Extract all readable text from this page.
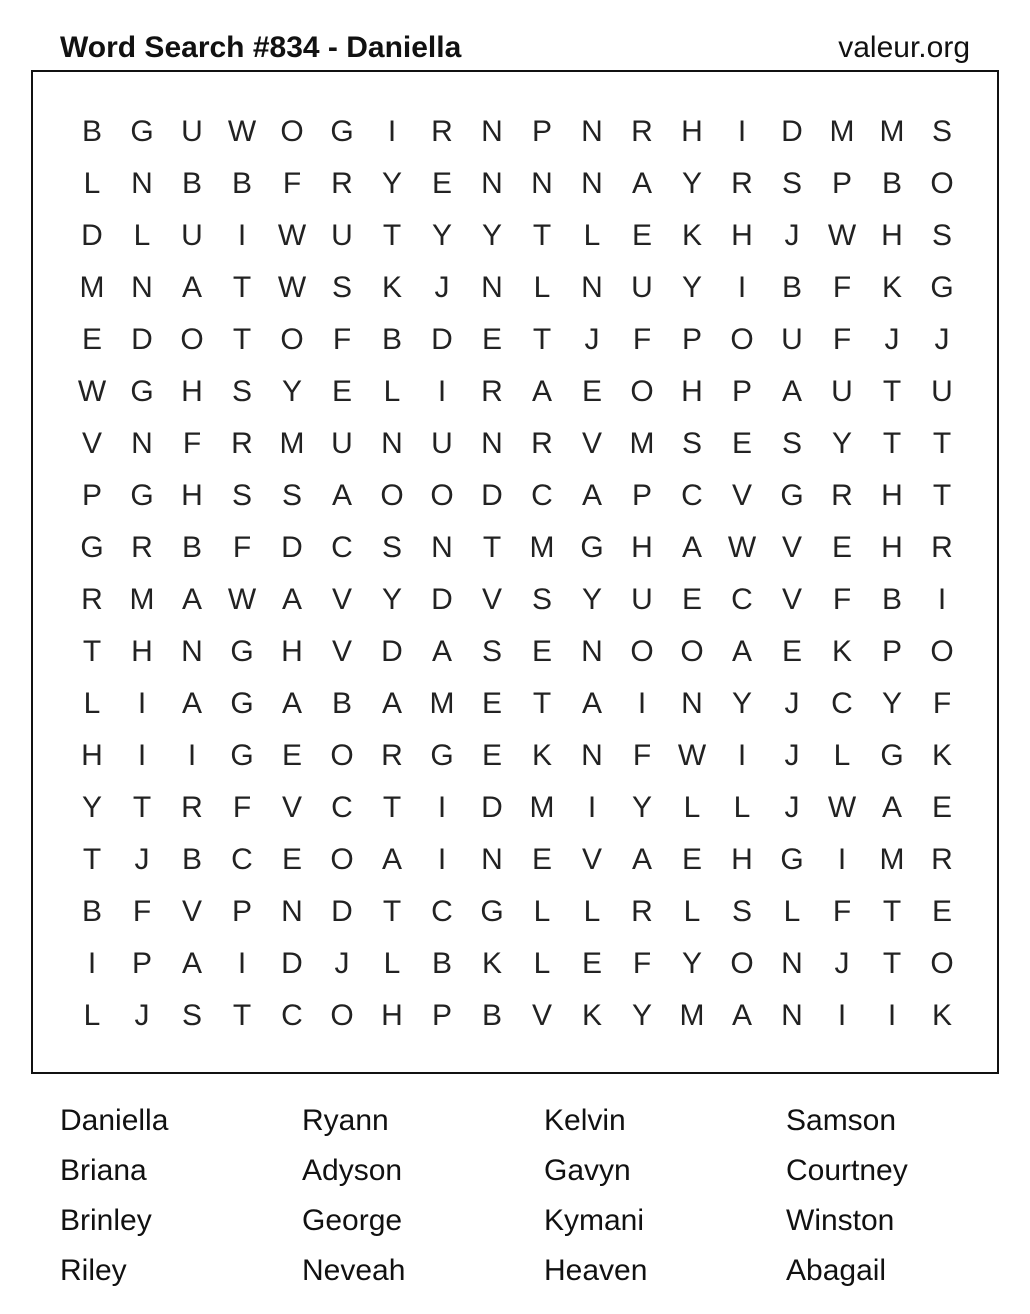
Word Search #834 - Daniella	valeur.org
B G U W O G	I	R N P N R H	I	D M M S
L	N B B	F	R Y E N N N A Y R S P B O
D	L	U	I	W U	T	Y Y	T	L	E K H	J W H S
M N A	T W S K	J	N	L	N U Y	I	B	F	K G
E D O T O F	B D E	T	J	F	P O U	F	J	J
W G H S Y E	L	I	R A E O H P A U	T	U
V N	F	R M U N U N R V M S E S Y	T	T
P G H S S A O O D C A P C V G R H	T
G R B	F	D C S N	T M G H A W V E H R
R M A W A V Y D V S Y U E C V	F	B	I
T	H N G H V D A S E N O O A E K P O
L	I	A G A B A M E	T	A	I	N Y	J	C Y	F
H	I	I	G E O R G E K N	F W	I	J	L G K
Y	T	R	F	V C	T	I	D M	I	Y	L	L	J W A E
T	J	B C E O A	I	N E V A E H G	I	M R
B	F	V P N D	T	C G L	L	R	L	S	L	F	T	E
I	P A	I	D	J	L	B K	L	E	F	Y O N	J	T O
L	J	S	T	C O H P B V K Y M A N	I	I	K
Daniella	Ryann	Kelvin	Samson
Briana	Adyson	Gavyn	Courtney
Brinley	George	Kymani	Winston
Riley	Neveah	Heaven	Abagail
